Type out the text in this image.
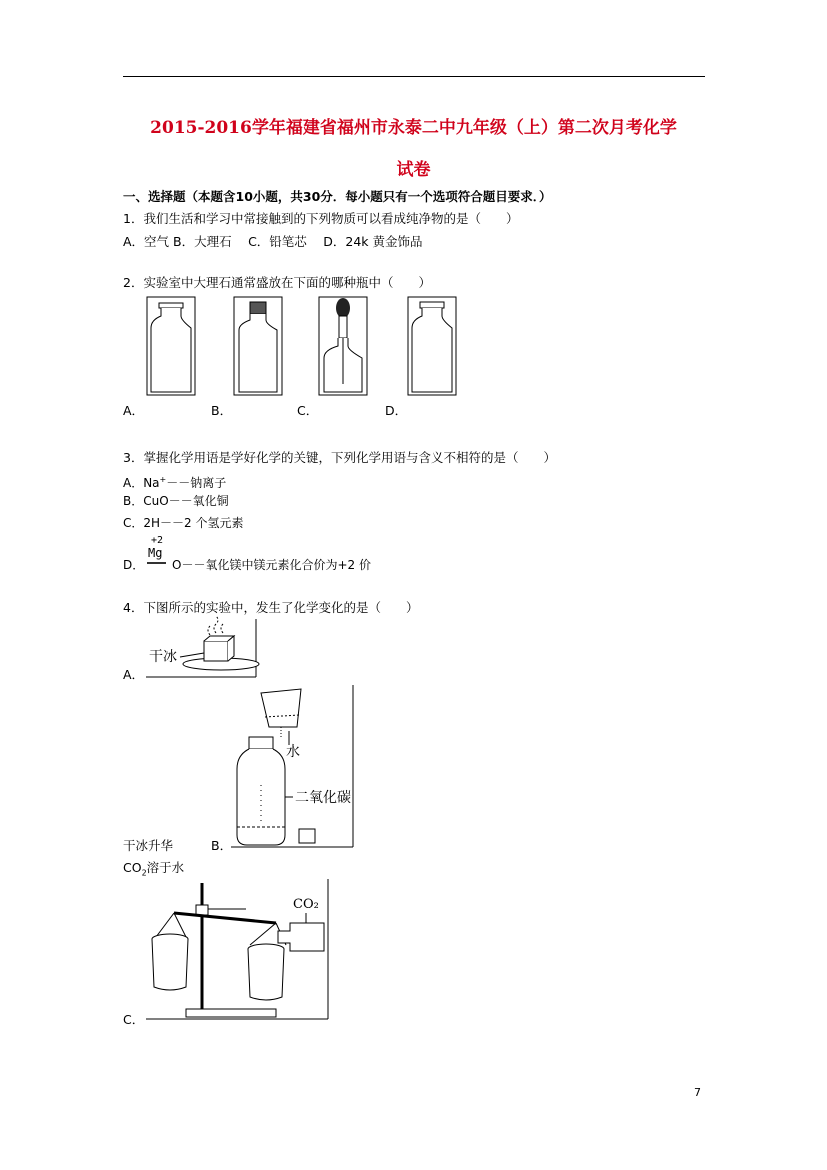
2015-2016学年福建省福州市永泰二中九年级（上）第二次月考化学
试卷
一、选择题（本题含10小题，共30分．每小题只有一个选项符合题目要求．）
1．我们生活和学习中常接触到的下列物质可以看成纯净物的是（　　）
A．空气 B．大理石　 C．铅笔芯　 D．24k 黄金饰品
2．实验室中大理石通常盛放在下面的哪种瓶中（　　）
A．	B．	C．	D．
3．掌握化学用语是学好化学的关键，下列化学用语与含义不相符的是（　　）
A．Na+－－钠离子
B．CuO－－氧化铜
C．2H－－2 个氢元素
D．
+2
Mg
O－－氧化镁中镁元素化合价为+2 价
4．下图所示的实验中，发生了化学变化的是（　　）
干冰
A．
水
二氧化碳
干冰升华	B．
$CO_2$溶于水
CO₂
C．
7
